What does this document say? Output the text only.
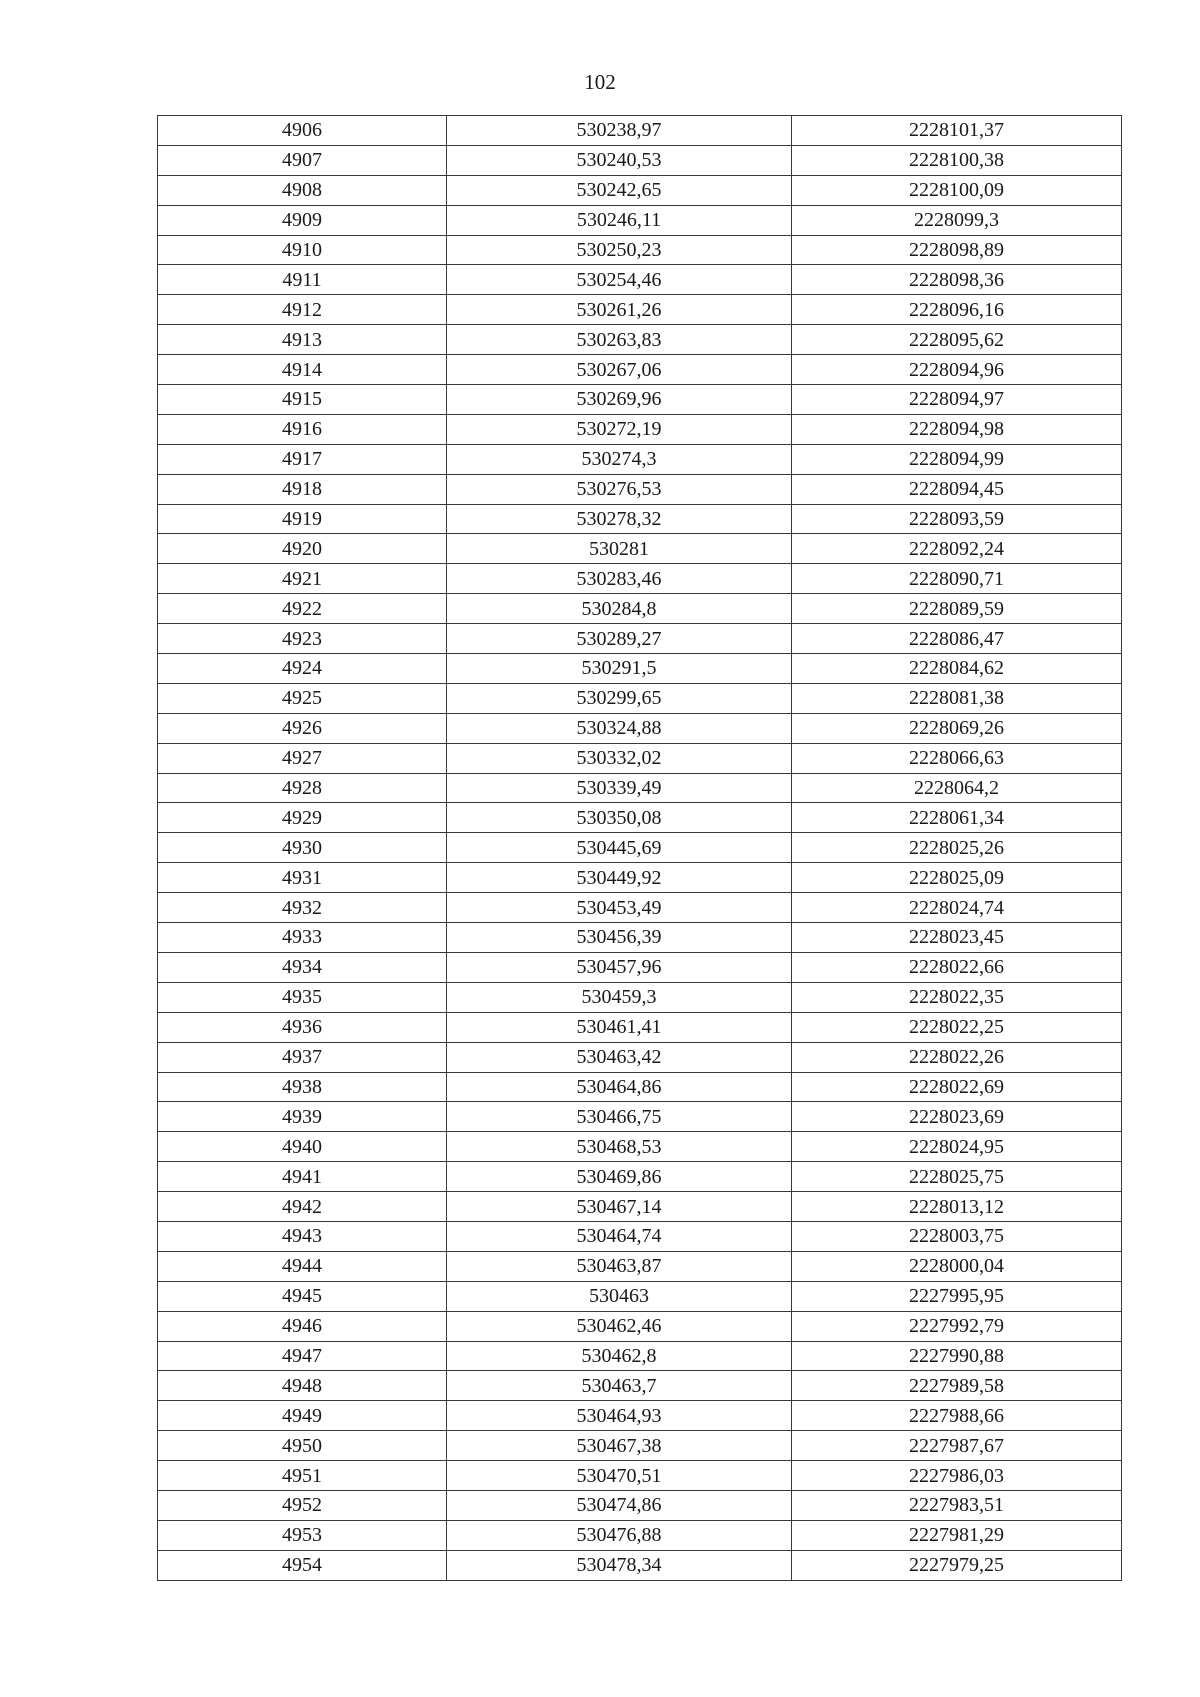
102
4906	530238,97	2228101,37
4907	530240,53	2228100,38
4908	530242,65	2228100,09
4909	530246,11	2228099,3
4910	530250,23	2228098,89
4911	530254,46	2228098,36
4912	530261,26	2228096,16
4913	530263,83	2228095,62
4914	530267,06	2228094,96
4915	530269,96	2228094,97
4916	530272,19	2228094,98
4917	530274,3	2228094,99
4918	530276,53	2228094,45
4919	530278,32	2228093,59
4920	530281	2228092,24
4921	530283,46	2228090,71
4922	530284,8	2228089,59
4923	530289,27	2228086,47
4924	530291,5	2228084,62
4925	530299,65	2228081,38
4926	530324,88	2228069,26
4927	530332,02	2228066,63
4928	530339,49	2228064,2
4929	530350,08	2228061,34
4930	530445,69	2228025,26
4931	530449,92	2228025,09
4932	530453,49	2228024,74
4933	530456,39	2228023,45
4934	530457,96	2228022,66
4935	530459,3	2228022,35
4936	530461,41	2228022,25
4937	530463,42	2228022,26
4938	530464,86	2228022,69
4939	530466,75	2228023,69
4940	530468,53	2228024,95
4941	530469,86	2228025,75
4942	530467,14	2228013,12
4943	530464,74	2228003,75
4944	530463,87	2228000,04
4945	530463	2227995,95
4946	530462,46	2227992,79
4947	530462,8	2227990,88
4948	530463,7	2227989,58
4949	530464,93	2227988,66
4950	530467,38	2227987,67
4951	530470,51	2227986,03
4952	530474,86	2227983,51
4953	530476,88	2227981,29
4954	530478,34	2227979,25
